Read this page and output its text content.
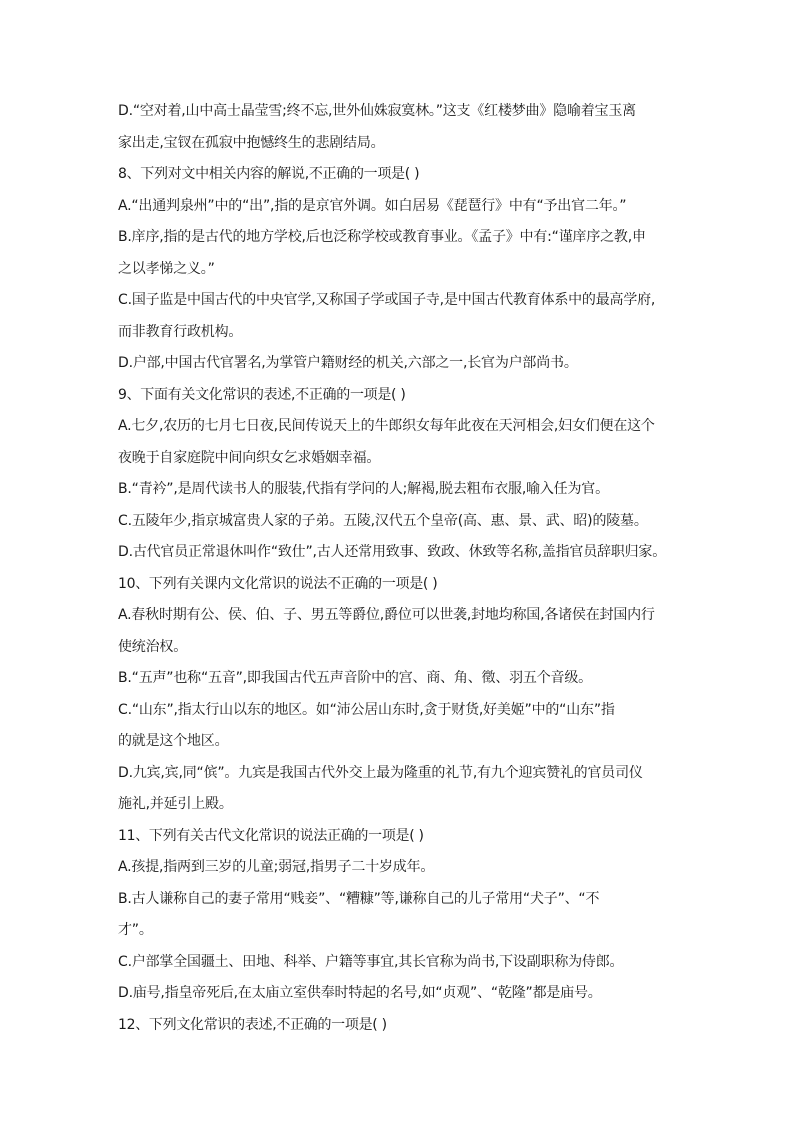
D.“空对着,山中高士晶莹雪;终不忘,世外仙姝寂寞林。”这支《红楼梦曲》隐喻着宝玉离
家出走,宝钗在孤寂中抱憾终生的悲剧结局。
8、下列对文中相关内容的解说,不正确的一项是( )
A.“出通判泉州”中的“出”,指的是京官外调。如白居易《琵琶行》中有“予出官二年。”
B.庠序,指的是古代的地方学校,后也泛称学校或教育事业。《孟子》中有:“谨庠序之教,申
之以孝悌之义。”
C.国子监是中国古代的中央官学,又称国子学或国子寺,是中国古代教育体系中的最高学府,
而非教育行政机构。
D.户部,中国古代官署名,为掌管户籍财经的机关,六部之一,长官为户部尚书。
9、下面有关文化常识的表述,不正确的一项是( )
A.七夕,农历的七月七日夜,民间传说天上的牛郎织女每年此夜在天河相会,妇女们便在这个
夜晚于自家庭院中间向织女乞求婚姻幸福。
B.“青衿”,是周代读书人的服装,代指有学问的人;解褐,脱去粗布衣服,喻入任为官。
C.五陵年少,指京城富贵人家的子弟。五陵,汉代五个皇帝(高、惠、景、武、昭)的陵墓。
D.古代官员正常退休叫作“致仕”,古人还常用致事、致政、休致等名称,盖指官员辞职归家。
10、下列有关课内文化常识的说法不正确的一项是( )
A.春秋时期有公、侯、伯、子、男五等爵位,爵位可以世袭,封地均称国,各诸侯在封国内行
使统治权。
B.“五声”也称“五音”,即我国古代五声音阶中的宫、商、角、徵、羽五个音级。
C.“山东”,指太行山以东的地区。如“沛公居山东时,贪于财货,好美姬”中的“山东”指
的就是这个地区。
D.九宾,宾,同“傧”。九宾是我国古代外交上最为隆重的礼节,有九个迎宾赞礼的官员司仪
施礼,并延引上殿。
11、下列有关古代文化常识的说法正确的一项是( )
A.孩提,指两到三岁的儿童;弱冠,指男子二十岁成年。
B.古人谦称自己的妻子常用“贱妾”、“糟糠”等,谦称自己的儿子常用“犬子”、“不
才”。
C.户部掌全国疆土、田地、科举、户籍等事宜,其长官称为尚书,下设副职称为侍郎。
D.庙号,指皇帝死后,在太庙立室供奉时特起的名号,如“贞观”、“乾隆”都是庙号。
12、下列文化常识的表述,不正确的一项是( )
